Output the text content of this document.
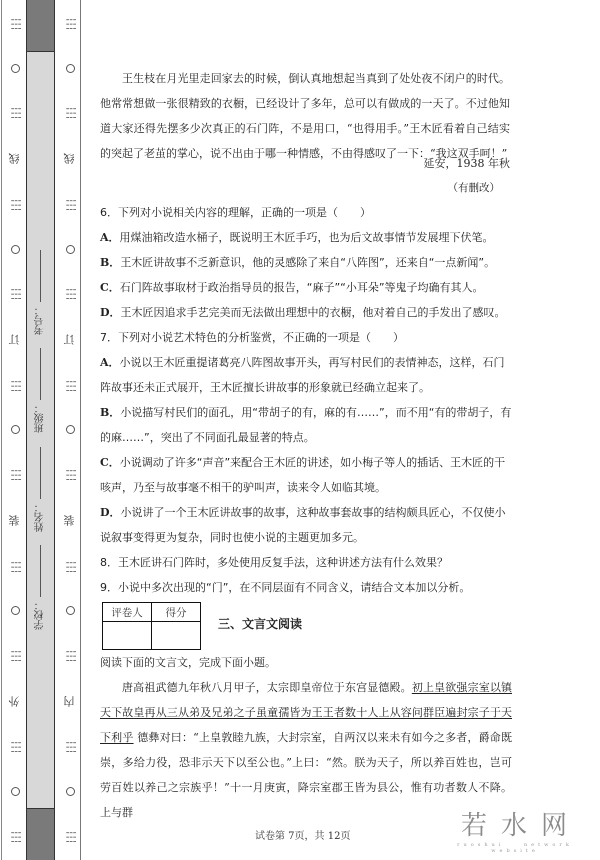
┆┆┆
┆┆┆
线
┆┆┆
┆┆┆
订
┆┆┆
┆┆┆
装
┆┆┆
┆┆┆
外
┆┆┆
┆┆┆
学校：
姓名：
班级：
考号：
┆┆┆
┆┆┆
线
┆┆┆
┆┆┆
订
┆┆┆
┆┆┆
装
┆┆┆
┆┆┆
内
┆┆┆
┆┆┆

王生枝在月光里走回家去的时候，倒认真地想起当真到了处处夜不闭户的时代。他常常想做一张很精致的衣橱，已经设计了多年，总可以有做成的一天了。不过他知道大家还得先摆多少次真正的石门阵，不是用口，“也得用手。”王木匠看着自己结实的突起了老茧的掌心，说不出由于哪一种情感，不由得感叹了一下：“我这双手呵！”

延安，1938 年秋
（有删改）
6．下列对小说相关内容的理解，正确的一项是（　　）
A．用煤油箱改造水桶子，既说明王木匠手巧，也为后文故事情节发展埋下伏笔。
B．王木匠讲故事不乏新意识，他的灵感除了来自“八阵图”，还来自“一点新闻”。
C．石门阵故事取材于政治指导员的报告，“麻子”“小耳朵”等鬼子均确有其人。
D．王木匠因追求手艺完美而无法做出理想中的衣橱，他对着自己的手发出了感叹。
7．下列对小说艺术特色的分析鉴赏，不正确的一项是（　　）
A．小说以王木匠重提诸葛亮八阵图故事开头，再写村民们的表情神态，这样，石门阵故事还未正式展开，王木匠擅长讲故事的形象就已经确立起来了。
B．小说描写村民们的面孔，用“带胡子的有，麻的有……”，而不用“有的带胡子，有的麻……”，突出了不同面孔最显著的特点。
C．小说调动了许多“声音”来配合王木匠的讲述，如小梅子等人的插话、王木匠的干咳声，乃至与故事毫不相干的驴叫声，读来令人如临其境。
D．小说讲了一个王木匠讲故事的故事，这种故事套故事的结构颇具匠心，不仅使小说叙事变得更为复杂，同时也使小说的主题更加多元。
8．王木匠讲石门阵时，多处使用反复手法，这种讲述方法有什么效果？
9．小说中多次出现的“门”，在不同层面有不同含义，请结合文本加以分析。
评卷人	得分

三、文言文阅读
阅读下面的文言文，完成下面小题。

唐高祖武德九年秋八月甲子，太宗即皇帝位于东宫显德殿。初上皇欲强宗室以镇天下故皇再从三从弟及兄弟之子虽童孺皆为王王者数十人上从容问群臣遍封宗子于天下利乎 德彝对曰：“上皇敦睦九族，大封宗室，自两汉以来未有如今之多者，爵命既崇，多给力役，恐非示天下以至公也。”上曰：“然。朕为天子，所以养百姓也，岂可劳百姓以养己之宗族乎！”十一月庚寅，降宗室郡王皆为县公，惟有功者数人不降。上与群

试卷第 7页，共 12页	若水网
ruoshui network website
